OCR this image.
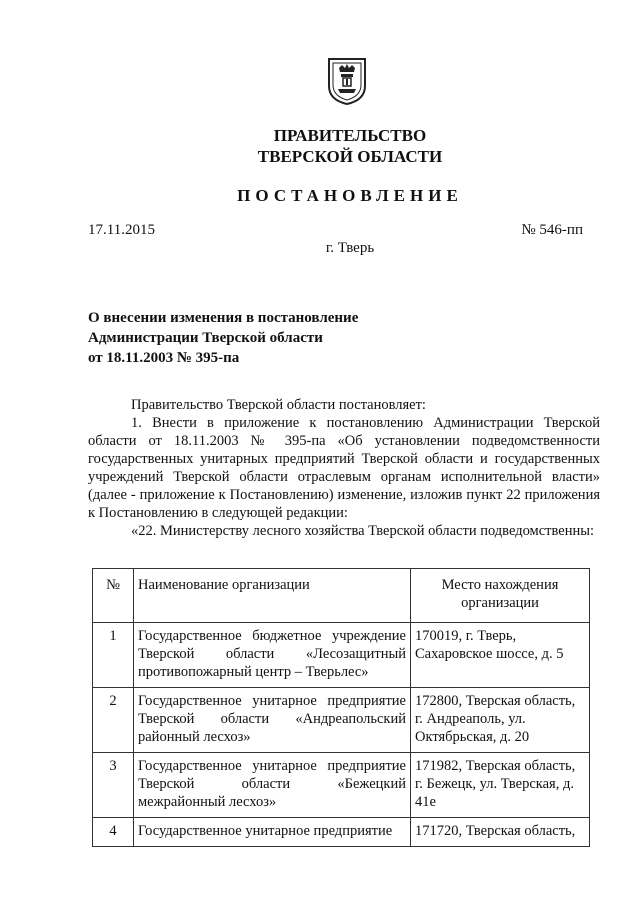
ПРАВИТЕЛЬСТВО
ТВЕРСКОЙ ОБЛАСТИ
ПОСТАНОВЛЕНИЕ
17.11.2015	№ 546-пп
г. Тверь
О внесении изменения в постановление
Администрации Тверской области
от 18.11.2003 № 395-па
Правительство Тверской области постановляет:
1. Внести в приложение к постановлению Администрации Тверской области от 18.11.2003 № 395-па «Об установлении подведомственности государственных унитарных предприятий Тверской области и государственных учреждений Тверской области отраслевым органам исполнительной власти» (далее - приложение к Постановлению) изменение, изложив пункт 22 приложения к Постановлению в следующей редакции:
«22. Министерству лесного хозяйства Тверской области подведомственны:
№	Наименование организации	Место нахождения организации
1	Государственное бюджетное учреждение Тверской области «Лесозащитный противопожарный центр – Тверьлес»	170019, г. Тверь, Сахаровское шоссе, д. 5
2	Государственное унитарное предприятие Тверской области «Андреапольский районный лесхоз»	172800, Тверская область, г. Андреаполь, ул. Октябрьская, д. 20
3	Государственное унитарное предприятие Тверской области «Бежецкий межрайонный лесхоз»	171982, Тверская область, г. Бежецк, ул. Тверская, д. 41е
4	Государственное унитарное предприятие	171720, Тверская область,
